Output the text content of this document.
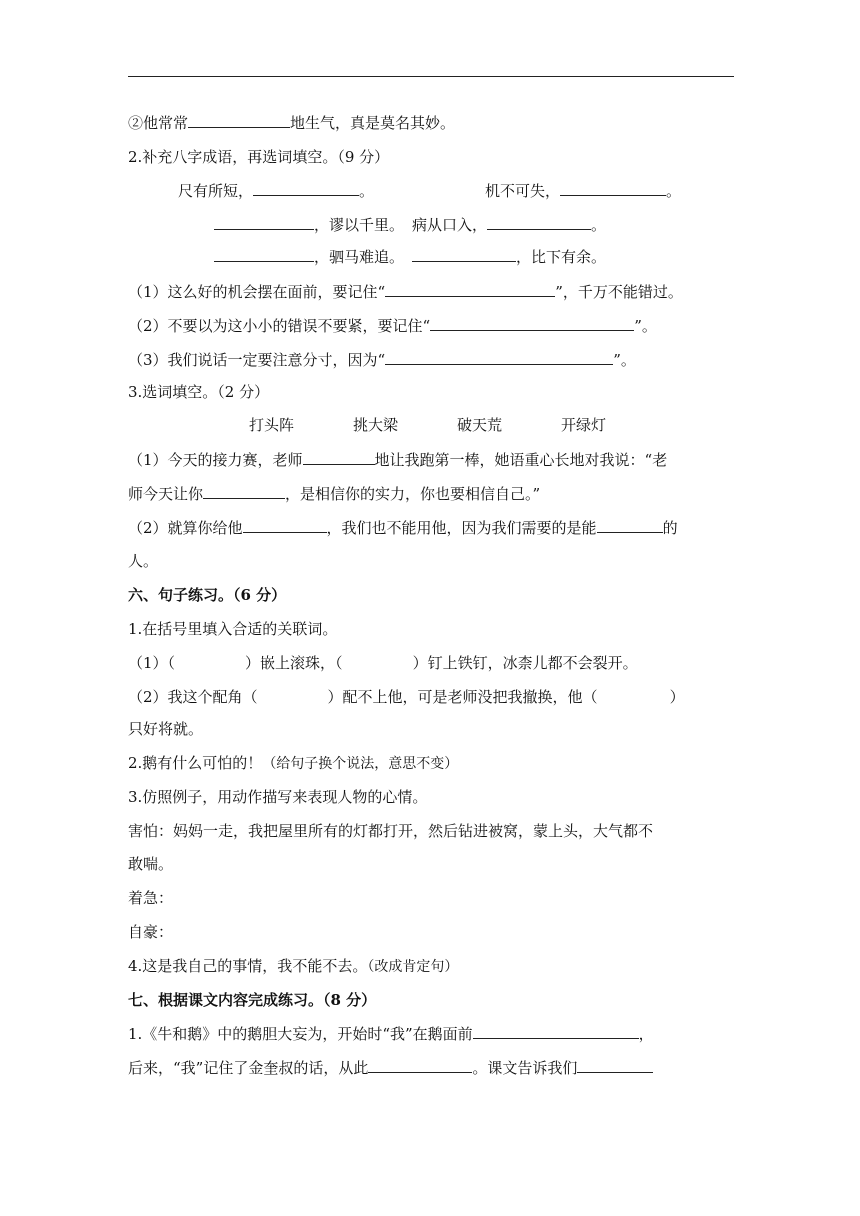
②他常常	地生气，真是莫名其妙。
2.补充八字成语，再选词填空。（9 分）
尺有所短，	。	机不可失，	。
，谬以千里。 病从口入，	。
，驷马难追。	，比下有余。
（1）这么好的机会摆在面前，要记住“	”，千万不能错过。
（2）不要以为这小小的错误不要紧，要记住“	”。
（3）我们说话一定要注意分寸，因为“	”。
3.选词填空。（2 分）
打头阵	挑大梁	破天荒	开绿灯
（1）今天的接力赛，老师	地让我跑第一棒，她语重心长地对我说：“老
师今天让你	，是相信你的实力，你也要相信自己。”
（2）就算你给他	，我们也不能用他，因为我们需要的是能	的
人。
六、句子练习。（6 分）
1.在括号里填入合适的关联词。
（1）（	）嵌上滚珠，（	）钉上铁钉，冰柰儿都不会裂开。
（2）我这个配角（	）配不上他，可是老师没把我撤换，他（	）
只好将就。
2.鹅有什么可怕的！（给句子换个说法，意思不变）
3.仿照例子，用动作描写来表现人物的心情。
害怕：妈妈一走，我把屋里所有的灯都打开，然后钻进被窝，蒙上头，大气都不
敢喘。
着急：
自豪：
4.这是我自己的事情，我不能不去。（改成肯定句）
七、根据课文内容完成练习。（8 分）
1.《牛和鹅》中的鹅胆大妄为，开始时“我”在鹅面前	，
后来，“我”记住了金奎叔的话，从此	。课文告诉我们
